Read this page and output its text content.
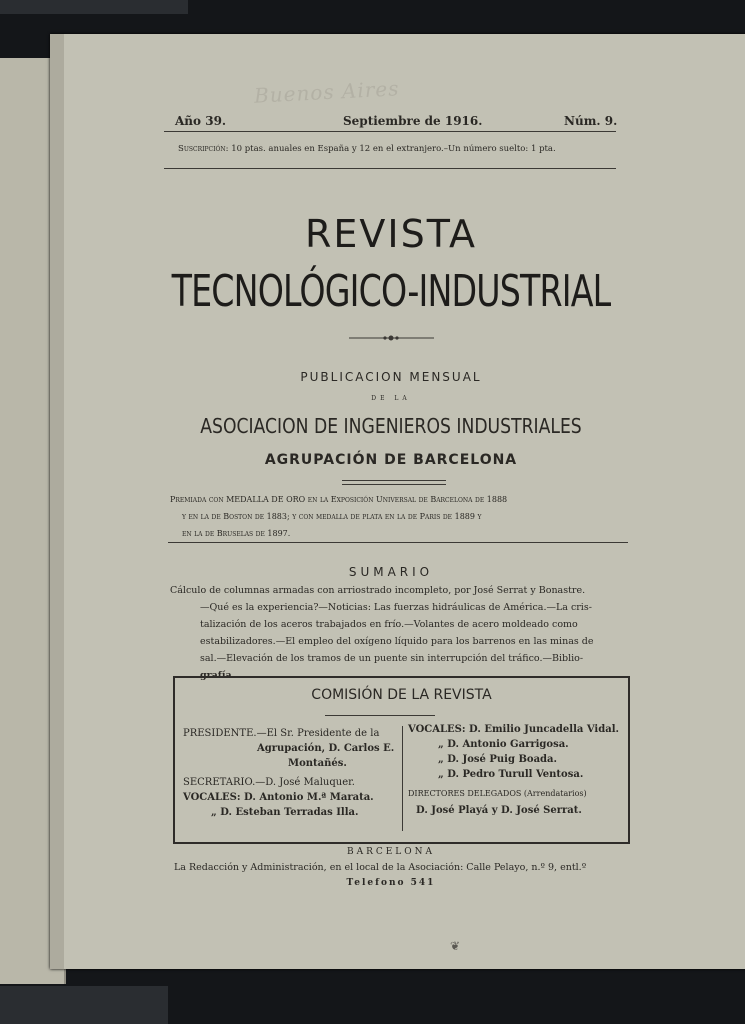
Buenos Aires
Año 39.	Septiembre de 1916.	Núm. 9.
Suscripción: 10 ptas. anuales en España y 12 en el extranjero.–Un número suelto: 1 pta.
REVISTA
TECNOLÓGICO-INDUSTRIAL
PUBLICACION MENSUAL
DE LA
ASOCIACION DE INGENIEROS INDUSTRIALES
AGRUPACIÓN DE BARCELONA

Premiada con MEDALLA DE ORO en la Exposición Universal de Barcelona de 1888

y en la de Boston de 1883; y con medalla de plata en la de Paris de 1889 y

en la de Bruselas de 1897.

SUMARIO

Cálculo de columnas armadas con arriostrado incompleto, por José Serrat y Bonastre.

—Qué es la experiencia?—Noticias: Las fuerzas hidráulicas de América.—La cris-

talización de los aceros trabajados en frío.—Volantes de acero moldeado como

estabilizadores.—El empleo del oxígeno líquido para los barrenos en las minas de

sal.—Elevación de los tramos de un puente sin interrupción del tráfico.—Biblio-

grafía.

COMISIÓN DE LA REVISTA
PRESIDENTE.—El Sr. Presidente de la
Agrupación, D. Carlos E.
Montañés.
SECRETARIO.—D. José Maluquer.
VOCALES: D. Antonio M.ª Marata.
„ D. Esteban Terradas Illa.
VOCALES: D. Emilio Juncadella Vidal.
„ D. Antonio Garrigosa.
„ D. José Puig Boada.
„ D. Pedro Turull Ventosa.
DIRECTORES DELEGADOS (Arrendatarios)
D. José Playá y D. José Serrat.
BARCELONA
La Redacción y Administración, en el local de la Asociación: Calle Pelayo, n.º 9, entl.º
Telefono 541
❦
